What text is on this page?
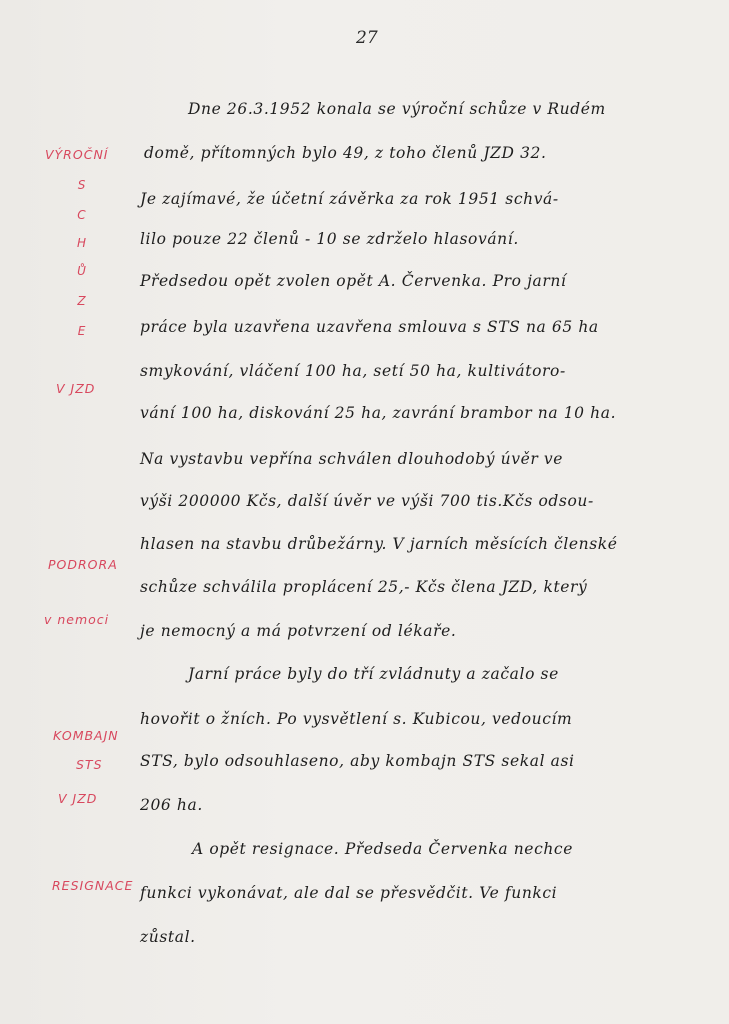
27
VÝROČNÍ
S
C
H
Ů
Z
E
V JZD
PODRORA
v nemoci
KOMBAJN
STS
V JZD
RESIGNACE
Dne 26.3.1952 konala se výroční schůze v Rudém
domě, přítomných bylo 49, z toho členů JZD 32.
Je zajímavé, že účetní závěrka za rok 1951 schvá-
lilo pouze 22 členů - 10 se zdrželo hlasování.
Předsedou opět zvolen opět A. Červenka. Pro jarní
práce byla uzavřena uzavřena smlouva s STS na 65 ha
smykování, vláčení 100 ha, setí 50 ha, kultivátoro-
vání 100 ha, diskování 25 ha, zavrání brambor na 10 ha.
Na vystavbu vepřína schválen dlouhodobý úvěr ve
výši 200000 Kčs, další úvěr ve výši 700 tis.Kčs odsou-
hlasen na stavbu drůbežárny. V jarních měsících členské
schůze schválila proplácení 25,- Kčs člena JZD, který
je nemocný a má potvrzení od lékaře.
Jarní práce byly do tří zvládnuty a začalo se
hovořit o žních. Po vysvětlení s. Kubicou, vedoucím
STS, bylo odsouhlaseno, aby kombajn STS sekal asi
206 ha.
A opět resignace. Předseda Červenka nechce
funkci vykonávat, ale dal se přesvědčit. Ve funkci
zůstal.
